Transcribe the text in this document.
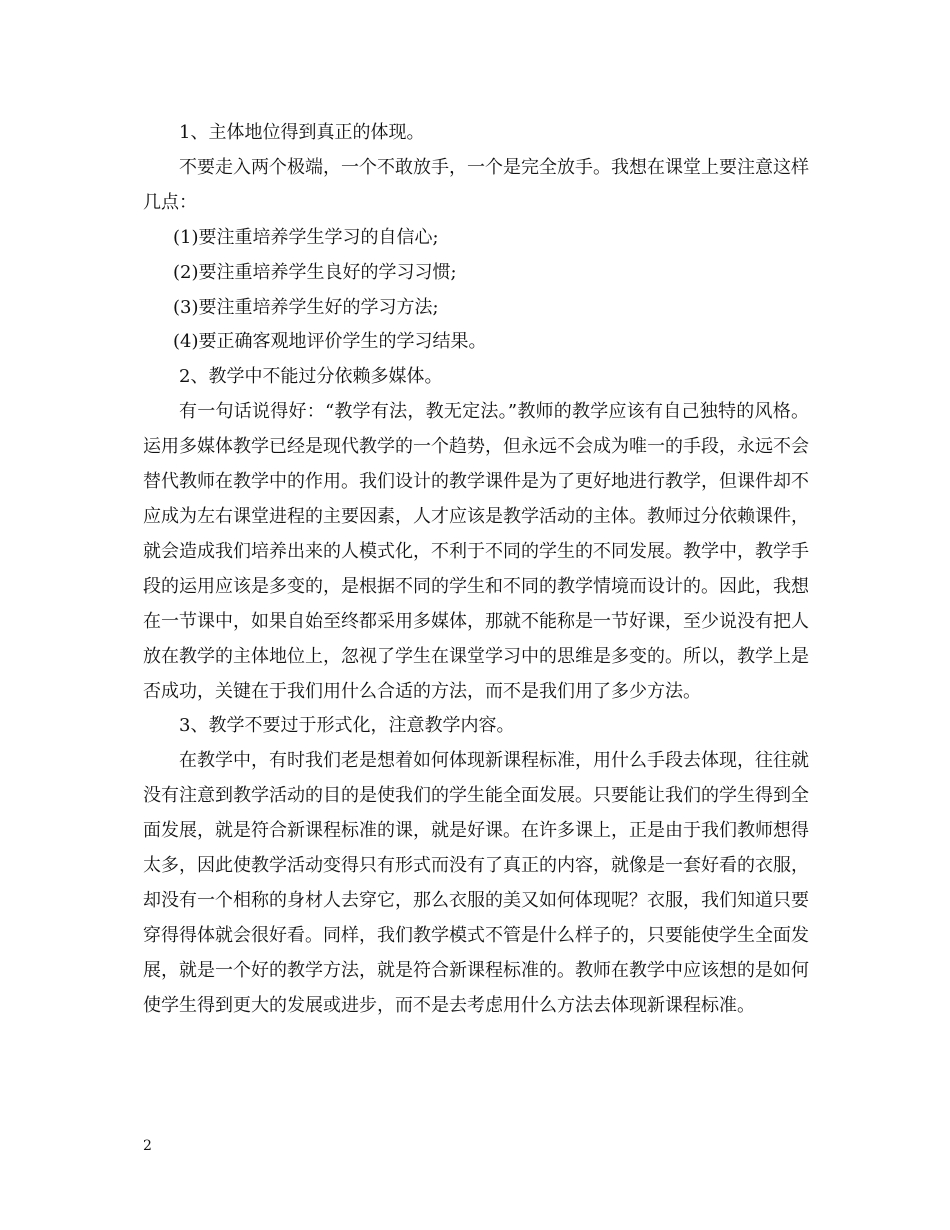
1、主体地位得到真正的体现。

不要走入两个极端，一个不敢放手，一个是完全放手。我想在课堂上要注意这样几点：

(1)要注重培养学生学习的自信心;

(2)要注重培养学生良好的学习习惯;

(3)要注重培养学生好的学习方法;

(4)要正确客观地评价学生的学习结果。

2、教学中不能过分依赖多媒体。

有一句话说得好：“教学有法，教无定法。”教师的教学应该有自己独特的风格。运用多媒体教学已经是现代教学的一个趋势，但永远不会成为唯一的手段，永远不会替代教师在教学中的作用。我们设计的教学课件是为了更好地进行教学，但课件却不应成为左右课堂进程的主要因素，人才应该是教学活动的主体。教师过分依赖课件，就会造成我们培养出来的人模式化，不利于不同的学生的不同发展。教学中，教学手段的运用应该是多变的，是根据不同的学生和不同的教学情境而设计的。因此，我想在一节课中，如果自始至终都采用多媒体，那就不能称是一节好课，至少说没有把人放在教学的主体地位上，忽视了学生在课堂学习中的思维是多变的。所以，教学上是否成功，关键在于我们用什么合适的方法，而不是我们用了多少方法。

3、教学不要过于形式化，注意教学内容。

在教学中，有时我们老是想着如何体现新课程标准，用什么手段去体现，往往就没有注意到教学活动的目的是使我们的学生能全面发展。只要能让我们的学生得到全面发展，就是符合新课程标准的课，就是好课。在许多课上，正是由于我们教师想得太多，因此使教学活动变得只有形式而没有了真正的内容，就像是一套好看的衣服，却没有一个相称的身材人去穿它，那么衣服的美又如何体现呢？衣服，我们知道只要穿得得体就会很好看。同样，我们教学模式不管是什么样子的，只要能使学生全面发展，就是一个好的教学方法，就是符合新课程标准的。教师在教学中应该想的是如何使学生得到更大的发展或进步，而不是去考虑用什么方法去体现新课程标准。

2
